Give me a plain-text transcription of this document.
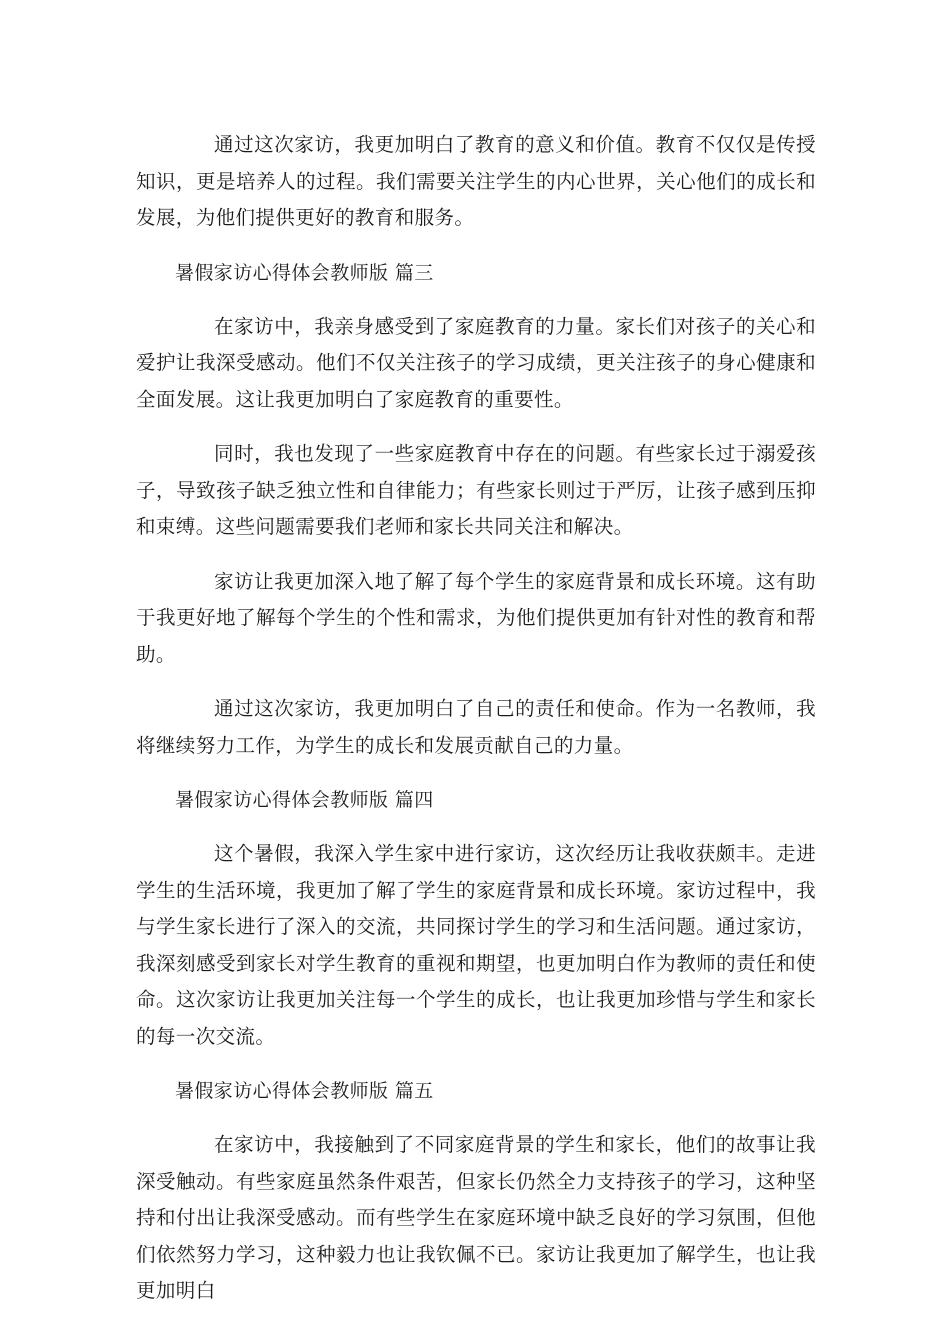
通过这次家访，我更加明白了教育的意义和价值。教育不仅仅是传授知识，更是培养人的过程。我们需要关注学生的内心世界，关心他们的成长和发展，为他们提供更好的教育和服务。

暑假家访心得体会教师版 篇三

在家访中，我亲身感受到了家庭教育的力量。家长们对孩子的关心和爱护让我深受感动。他们不仅关注孩子的学习成绩，更关注孩子的身心健康和全面发展。这让我更加明白了家庭教育的重要性。

同时，我也发现了一些家庭教育中存在的问题。有些家长过于溺爱孩子，导致孩子缺乏独立性和自律能力；有些家长则过于严厉，让孩子感到压抑和束缚。这些问题需要我们老师和家长共同关注和解决。

家访让我更加深入地了解了每个学生的家庭背景和成长环境。这有助于我更好地了解每个学生的个性和需求，为他们提供更加有针对性的教育和帮助。

通过这次家访，我更加明白了自己的责任和使命。作为一名教师，我将继续努力工作，为学生的成长和发展贡献自己的力量。

暑假家访心得体会教师版 篇四

这个暑假，我深入学生家中进行家访，这次经历让我收获颇丰。走进学生的生活环境，我更加了解了学生的家庭背景和成长环境。家访过程中，我与学生家长进行了深入的交流，共同探讨学生的学习和生活问题。通过家访，我深刻感受到家长对学生教育的重视和期望，也更加明白作为教师的责任和使命。这次家访让我更加关注每一个学生的成长，也让我更加珍惜与学生和家长的每一次交流。

暑假家访心得体会教师版 篇五

在家访中，我接触到了不同家庭背景的学生和家长，他们的故事让我深受触动。有些家庭虽然条件艰苦，但家长仍然全力支持孩子的学习，这种坚持和付出让我深受感动。而有些学生在家庭环境中缺乏良好的学习氛围，但他们依然努力学习，这种毅力也让我钦佩不已。家访让我更加了解学生，也让我更加明白
